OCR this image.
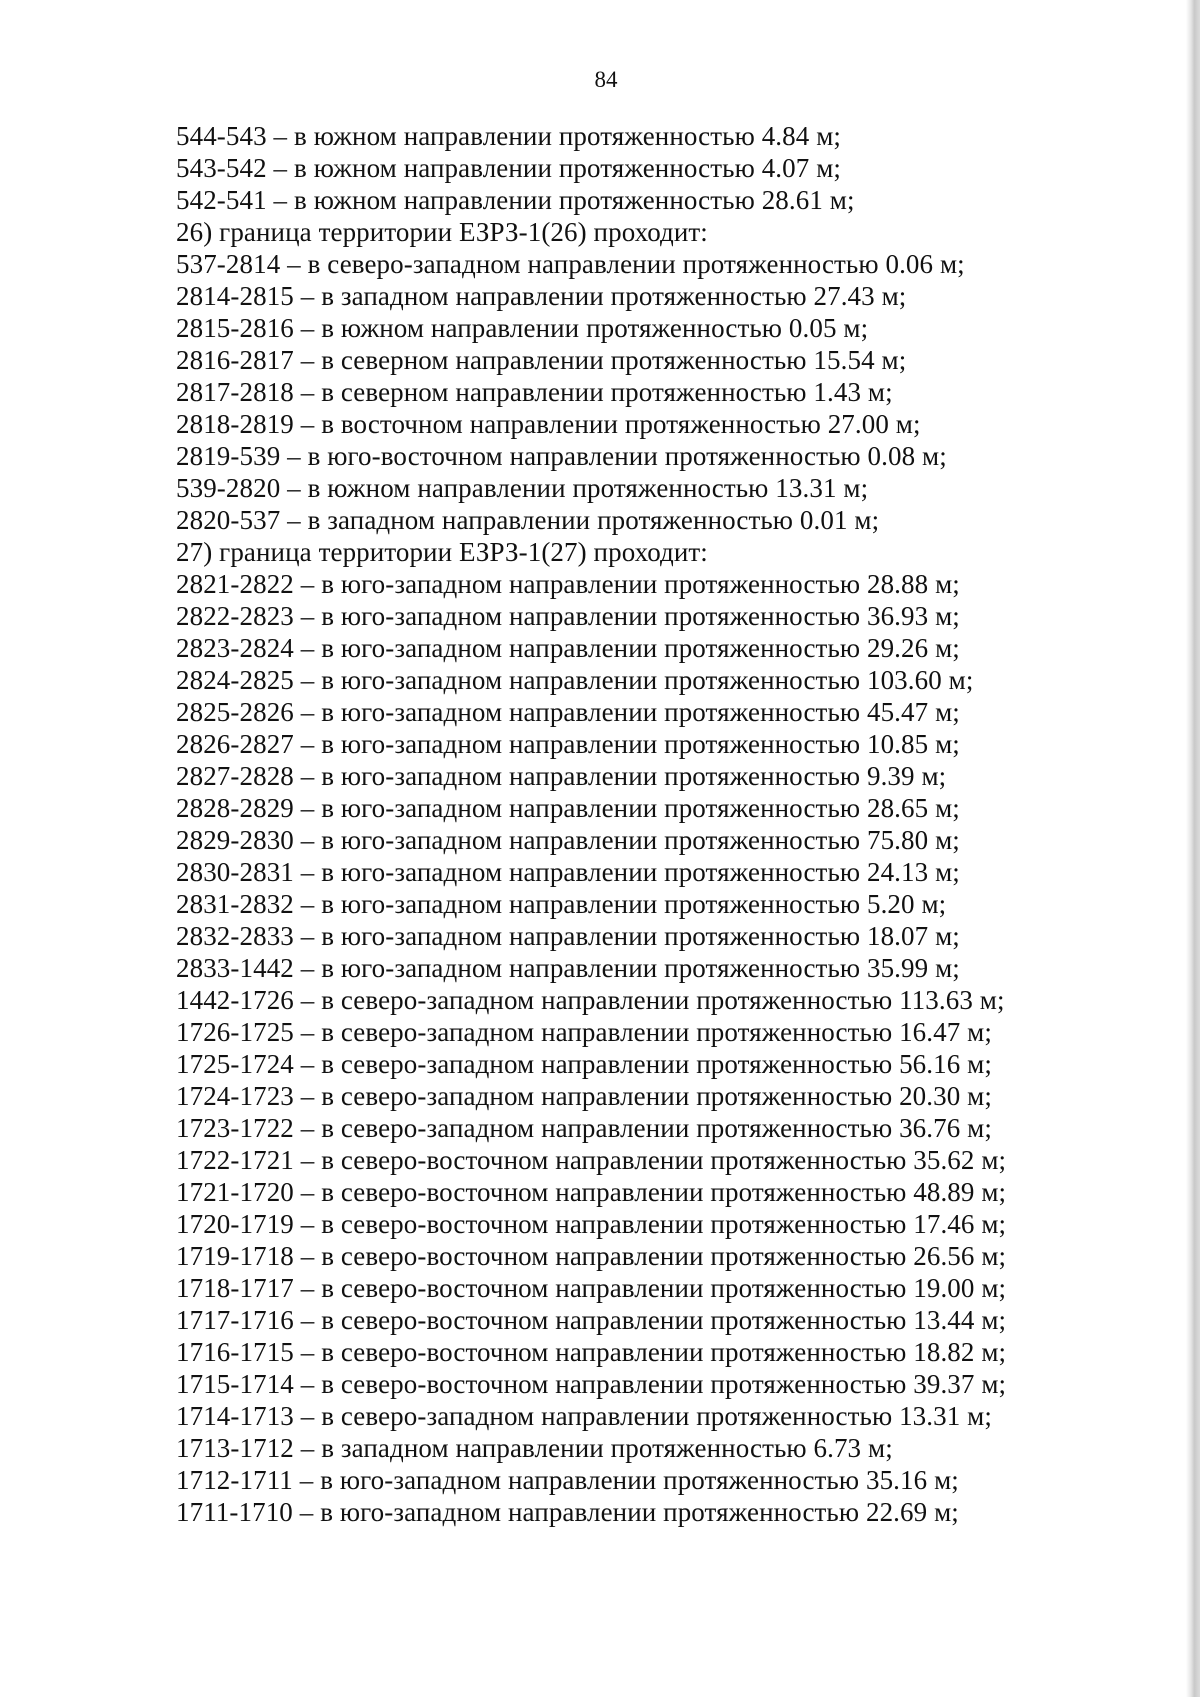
84
544-543 – в южном направлении протяженностью 4.84 м;
543-542 – в южном направлении протяженностью 4.07 м;
542-541 – в южном направлении протяженностью 28.61 м;
26) граница территории ЕЗРЗ-1(26) проходит:
537-2814 – в северо-западном направлении протяженностью 0.06 м;
2814-2815 – в западном направлении протяженностью 27.43 м;
2815-2816 – в южном направлении протяженностью 0.05 м;
2816-2817 – в северном направлении протяженностью 15.54 м;
2817-2818 – в северном направлении протяженностью 1.43 м;
2818-2819 – в восточном направлении протяженностью 27.00 м;
2819-539 – в юго-восточном направлении протяженностью 0.08 м;
539-2820 – в южном направлении протяженностью 13.31 м;
2820-537 – в западном направлении протяженностью 0.01 м;
27) граница территории ЕЗРЗ-1(27) проходит:
2821-2822 – в юго-западном направлении протяженностью 28.88 м;
2822-2823 – в юго-западном направлении протяженностью 36.93 м;
2823-2824 – в юго-западном направлении протяженностью 29.26 м;
2824-2825 – в юго-западном направлении протяженностью 103.60 м;
2825-2826 – в юго-западном направлении протяженностью 45.47 м;
2826-2827 – в юго-западном направлении протяженностью 10.85 м;
2827-2828 – в юго-западном направлении протяженностью 9.39 м;
2828-2829 – в юго-западном направлении протяженностью 28.65 м;
2829-2830 – в юго-западном направлении протяженностью 75.80 м;
2830-2831 – в юго-западном направлении протяженностью 24.13 м;
2831-2832 – в юго-западном направлении протяженностью 5.20 м;
2832-2833 – в юго-западном направлении протяженностью 18.07 м;
2833-1442 – в юго-западном направлении протяженностью 35.99 м;
1442-1726 – в северо-западном направлении протяженностью 113.63 м;
1726-1725 – в северо-западном направлении протяженностью 16.47 м;
1725-1724 – в северо-западном направлении протяженностью 56.16 м;
1724-1723 – в северо-западном направлении протяженностью 20.30 м;
1723-1722 – в северо-западном направлении протяженностью 36.76 м;
1722-1721 – в северо-восточном направлении протяженностью 35.62 м;
1721-1720 – в северо-восточном направлении протяженностью 48.89 м;
1720-1719 – в северо-восточном направлении протяженностью 17.46 м;
1719-1718 – в северо-восточном направлении протяженностью 26.56 м;
1718-1717 – в северо-восточном направлении протяженностью 19.00 м;
1717-1716 – в северо-восточном направлении протяженностью 13.44 м;
1716-1715 – в северо-восточном направлении протяженностью 18.82 м;
1715-1714 – в северо-восточном направлении протяженностью 39.37 м;
1714-1713 – в северо-западном направлении протяженностью 13.31 м;
1713-1712 – в западном направлении протяженностью 6.73 м;
1712-1711 – в юго-западном направлении протяженностью 35.16 м;
1711-1710 – в юго-западном направлении протяженностью 22.69 м;
